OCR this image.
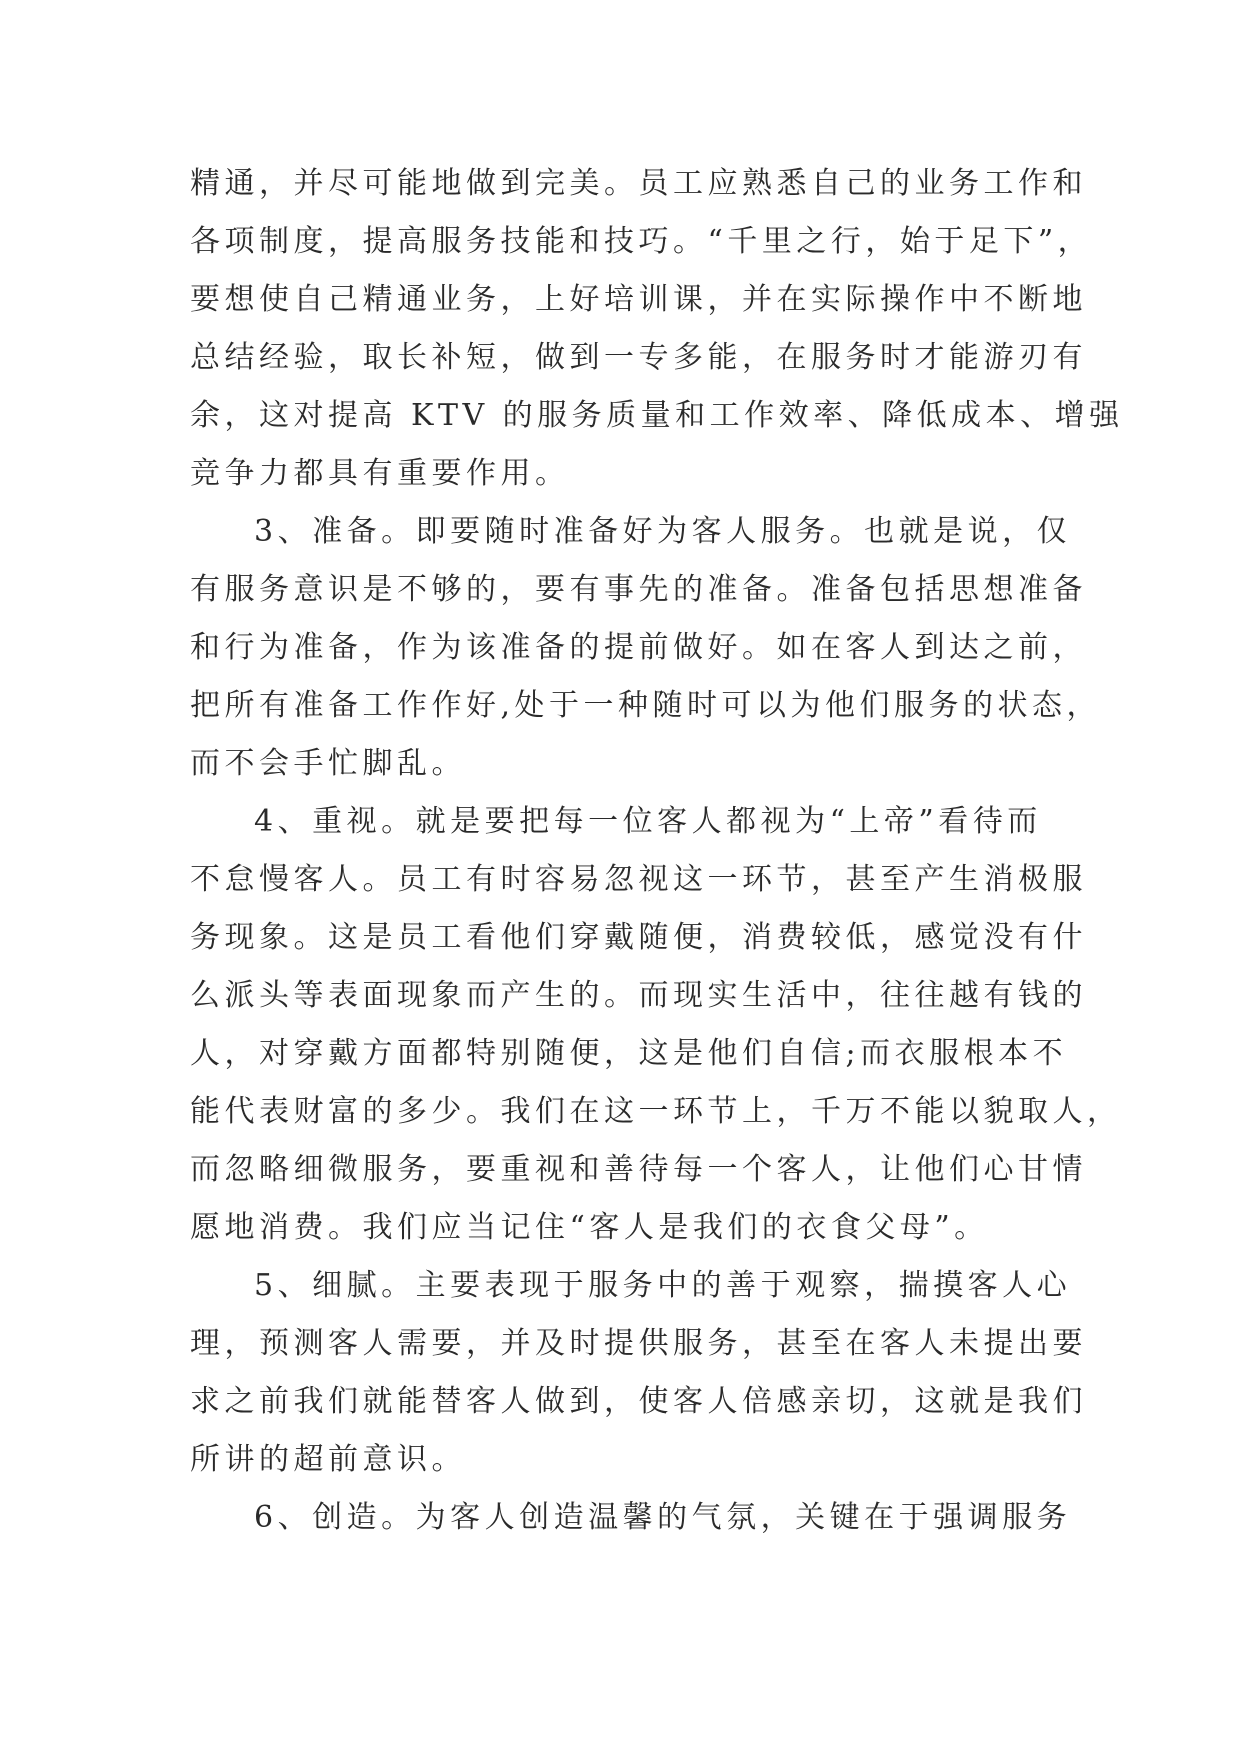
精通，并尽可能地做到完美。员工应熟悉自己的业务工作和
各项制度，提高服务技能和技巧。“千里之行，始于足下”，
要想使自己精通业务，上好培训课，并在实际操作中不断地
总结经验，取长补短，做到一专多能，在服务时才能游刃有
余，这对提高 KTV 的服务质量和工作效率、降低成本、增强
竞争力都具有重要作用。
3、准备。即要随时准备好为客人服务。也就是说，仅
有服务意识是不够的，要有事先的准备。准备包括思想准备
和行为准备，作为该准备的提前做好。如在客人到达之前，
把所有准备工作作好,处于一种随时可以为他们服务的状态，
而不会手忙脚乱。
4、重视。就是要把每一位客人都视为“上帝”看待而
不怠慢客人。员工有时容易忽视这一环节，甚至产生消极服
务现象。这是员工看他们穿戴随便，消费较低，感觉没有什
么派头等表面现象而产生的。而现实生活中，往往越有钱的
人，对穿戴方面都特别随便，这是他们自信;而衣服根本不
能代表财富的多少。我们在这一环节上，千万不能以貌取人，
而忽略细微服务，要重视和善待每一个客人，让他们心甘情
愿地消费。我们应当记住“客人是我们的衣食父母”。
5、细腻。主要表现于服务中的善于观察，揣摸客人心
理，预测客人需要，并及时提供服务，甚至在客人未提出要
求之前我们就能替客人做到，使客人倍感亲切，这就是我们
所讲的超前意识。
6、创造。为客人创造温馨的气氛，关键在于强调服务
